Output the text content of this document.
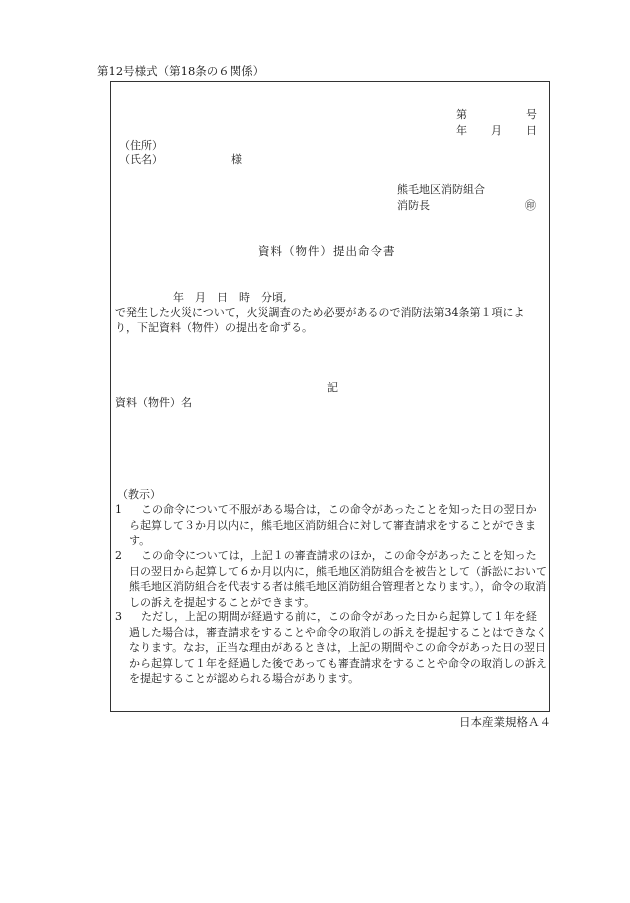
第12号様式（第18条の６関係）
第	号
年 月 日
（住所）
（氏名）	様
熊毛地区消防組合
消防長	㊞
資料（物件）提出命令書
年　月　日　時　分頃,
で発生した火災について，火災調査のため必要があるので消防法第34条第１項によ
り，下記資料（物件）の提出を命ずる。
記
資料（物件）名
（教示）
1	この命令について不服がある場合は，この命令があったことを知った日の翌日から起算して３か月以内に，熊毛地区消防組合に対して審査請求をすることができます。
2	この命令については，上記１の審査請求のほか，この命令があったことを知った日の翌日から起算して６か月以内に，熊毛地区消防組合を被告として（訴訟において熊毛地区消防組合を代表する者は熊毛地区消防組合管理者となります。），命令の取消しの訴えを提起することができます。
3	ただし，上記の期間が経過する前に，この命令があった日から起算して１年を経過した場合は，審査請求をすることや命令の取消しの訴えを提起することはできなくなります。なお，正当な理由があるときは，上記の期間やこの命令があった日の翌日から起算して１年を経過した後であっても審査請求をすることや命令の取消しの訴えを提起することが認められる場合があります。
日本産業規格Ａ４
